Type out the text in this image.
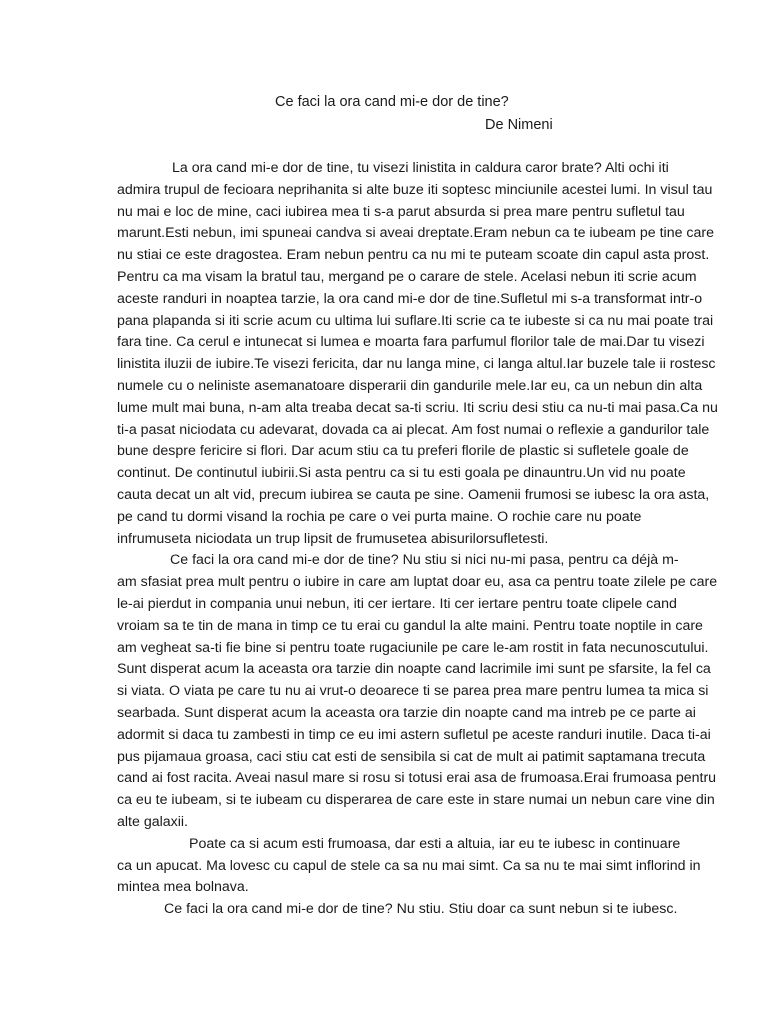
Ce faci la ora cand mi-e dor de tine?
De Nimeni
La ora cand mi-e dor de tine, tu visezi linistita in caldura caror brate? Alti ochi iti
admira trupul de fecioara neprihanita si alte buze iti soptesc minciunile acestei lumi. In visul tau
nu mai e loc de mine, caci iubirea mea ti s-a parut absurda si prea mare pentru sufletul tau
marunt.Esti nebun, imi spuneai candva si aveai dreptate.Eram nebun ca te iubeam pe tine care
nu stiai ce este dragostea. Eram nebun pentru ca nu mi te puteam scoate din capul asta prost.
Pentru ca ma visam la bratul tau, mergand pe o carare de stele. Acelasi nebun iti scrie acum
aceste randuri in noaptea tarzie, la ora cand mi-e dor de tine.Sufletul mi s-a transformat intr-o
pana plapanda si iti scrie acum cu ultima lui suflare.Iti scrie ca te iubeste si ca nu mai poate trai
fara tine. Ca cerul e intunecat si lumea e moarta fara parfumul florilor tale de mai.Dar tu visezi
linistita iluzii de iubire.Te visezi fericita, dar nu langa mine, ci langa altul.Iar buzele tale ii rostesc
numele cu o neliniste asemanatoare disperarii din gandurile mele.Iar eu, ca un nebun din alta
lume mult mai buna, n-am alta treaba decat sa-ti scriu. Iti scriu desi stiu ca nu-ti mai pasa.Ca nu
ti-a pasat niciodata cu adevarat, dovada ca ai plecat. Am fost numai o reflexie a gandurilor tale
bune despre fericire si flori. Dar acum stiu ca tu preferi florile de plastic si sufletele goale de
continut. De continutul iubirii.Si asta pentru ca si tu esti goala pe dinauntru.Un vid nu poate
cauta decat un alt vid, precum iubirea se cauta pe sine. Oamenii frumosi se iubesc la ora asta,
pe cand tu dormi visand la rochia pe care o vei purta maine. O rochie care nu poate
infrumuseta niciodata un trup lipsit de frumusetea abisurilorsufletesti.
Ce faci la ora cand mi-e dor de tine? Nu stiu si nici nu-mi pasa, pentru ca déjà m-
am sfasiat prea mult pentru o iubire in care am luptat doar eu, asa ca pentru toate zilele pe care
le-ai pierdut in compania unui nebun, iti cer iertare. Iti cer iertare pentru toate clipele cand
vroiam sa te tin de mana in timp ce tu erai cu gandul la alte maini. Pentru toate noptile in care
am vegheat sa-ti fie bine si pentru toate rugaciunile pe care le-am rostit in fata necunoscutului.
Sunt disperat acum la aceasta ora tarzie din noapte cand lacrimile imi sunt pe sfarsite, la fel ca
si viata. O viata pe care tu nu ai vrut-o deoarece ti se parea prea mare pentru lumea ta mica si
searbada. Sunt disperat acum la aceasta ora tarzie din noapte cand ma intreb pe ce parte ai
adormit si daca tu zambesti in timp ce eu imi astern sufletul pe aceste randuri inutile. Daca ti-ai
pus pijamaua groasa, caci stiu cat esti de sensibila si cat de mult ai patimit saptamana trecuta
cand ai fost racita. Aveai nasul mare si rosu si totusi erai asa de frumoasa.Erai frumoasa pentru
ca eu te iubeam, si te iubeam cu disperarea de care este in stare numai un nebun care vine din
alte galaxii.
Poate ca si acum esti frumoasa, dar esti a altuia, iar eu te iubesc in continuare
ca un apucat. Ma lovesc cu capul de stele ca sa nu mai simt. Ca sa nu te mai simt inflorind in
mintea mea bolnava.
Ce faci la ora cand mi-e dor de tine? Nu stiu. Stiu doar ca sunt nebun si te iubesc.
